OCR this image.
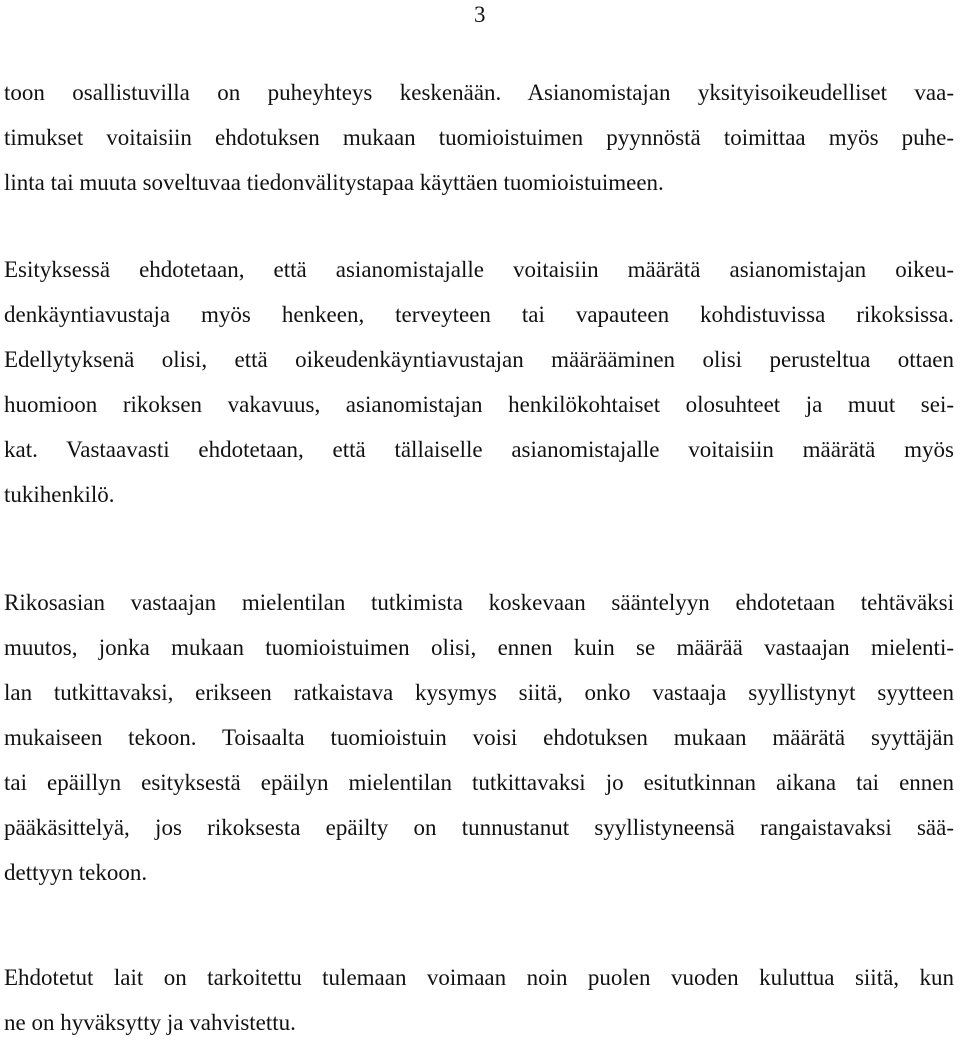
3
toon osallistuvilla on puheyhteys keskenään. Asianomistajan yksityisoikeudelliset vaa-
timukset voitaisiin ehdotuksen mukaan tuomioistuimen pyynnöstä toimittaa myös puhe-
linta tai muuta soveltuvaa tiedonvälitystapaa käyttäen tuomioistuimeen.
Esityksessä ehdotetaan, että asianomistajalle voitaisiin määrätä asianomistajan oikeu-
denkäyntiavustaja myös henkeen, terveyteen tai vapauteen kohdistuvissa rikoksissa.
Edellytyksenä olisi, että oikeudenkäyntiavustajan määrääminen olisi perusteltua ottaen
huomioon rikoksen vakavuus, asianomistajan henkilökohtaiset olosuhteet ja muut sei-
kat. Vastaavasti ehdotetaan, että tällaiselle asianomistajalle voitaisiin määrätä myös
tukihenkilö.
Rikosasian vastaajan mielentilan tutkimista koskevaan sääntelyyn ehdotetaan tehtäväksi
muutos, jonka mukaan tuomioistuimen olisi, ennen kuin se määrää vastaajan mielenti-
lan tutkittavaksi, erikseen ratkaistava kysymys siitä, onko vastaaja syyllistynyt syytteen
mukaiseen tekoon. Toisaalta tuomioistuin voisi ehdotuksen mukaan määrätä syyttäjän
tai epäillyn esityksestä epäilyn mielentilan tutkittavaksi jo esitutkinnan aikana tai ennen
pääkäsittelyä, jos rikoksesta epäilty on tunnustanut syyllistyneensä rangaistavaksi sää-
dettyyn tekoon.
Ehdotetut lait on tarkoitettu tulemaan voimaan noin puolen vuoden kuluttua siitä, kun
ne on hyväksytty ja vahvistettu.
